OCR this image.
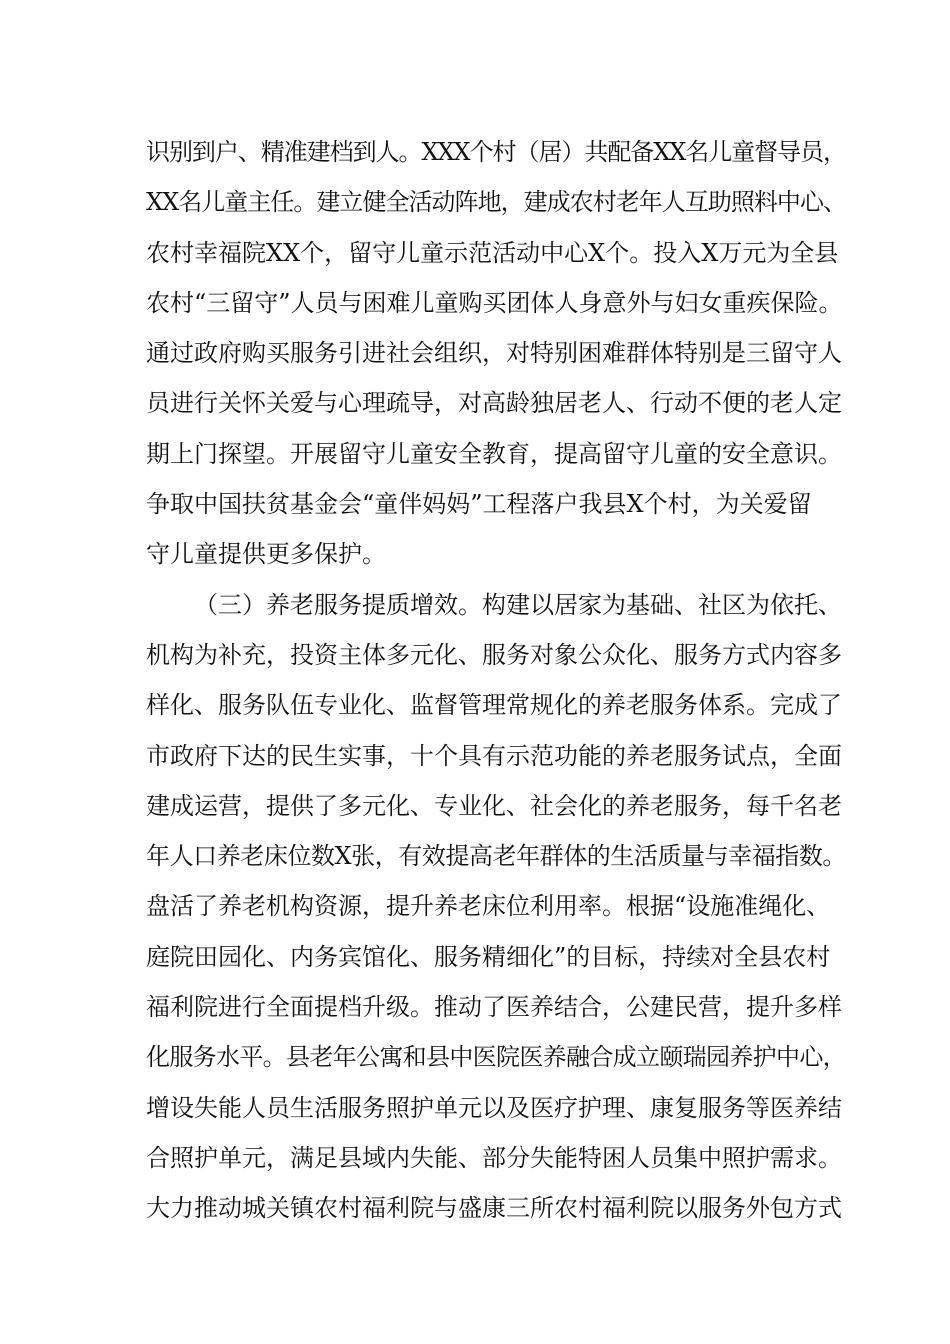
识别到户、精准建档到人。XXX个村（居）共配备XX名儿童督导员，
XX名儿童主任。建立健全活动阵地，建成农村老年人互助照料中心、
农村幸福院XX个，留守儿童示范活动中心X个。投入X万元为全县
农村“三留守”人员与困难儿童购买团体人身意外与妇女重疾保险。
通过政府购买服务引进社会组织，对特别困难群体特别是三留守人
员进行关怀关爱与心理疏导，对高龄独居老人、行动不便的老人定
期上门探望。开展留守儿童安全教育，提高留守儿童的安全意识。
争取中国扶贫基金会“童伴妈妈”工程落户我县X个村，为关爱留
守儿童提供更多保护。
（三）养老服务提质增效。构建以居家为基础、社区为依托、
机构为补充，投资主体多元化、服务对象公众化、服务方式内容多
样化、服务队伍专业化、监督管理常规化的养老服务体系。完成了
市政府下达的民生实事，十个具有示范功能的养老服务试点，全面
建成运营，提供了多元化、专业化、社会化的养老服务，每千名老
年人口养老床位数X张，有效提高老年群体的生活质量与幸福指数。
盘活了养老机构资源，提升养老床位利用率。根据“设施准绳化、
庭院田园化、内务宾馆化、服务精细化”的目标，持续对全县农村
福利院进行全面提档升级。推动了医养结合，公建民营，提升多样
化服务水平。县老年公寓和县中医院医养融合成立颐瑞园养护中心，
增设失能人员生活服务照护单元以及医疗护理、康复服务等医养结
合照护单元，满足县域内失能、部分失能特困人员集中照护需求。
大力推动城关镇农村福利院与盛康三所农村福利院以服务外包方式
